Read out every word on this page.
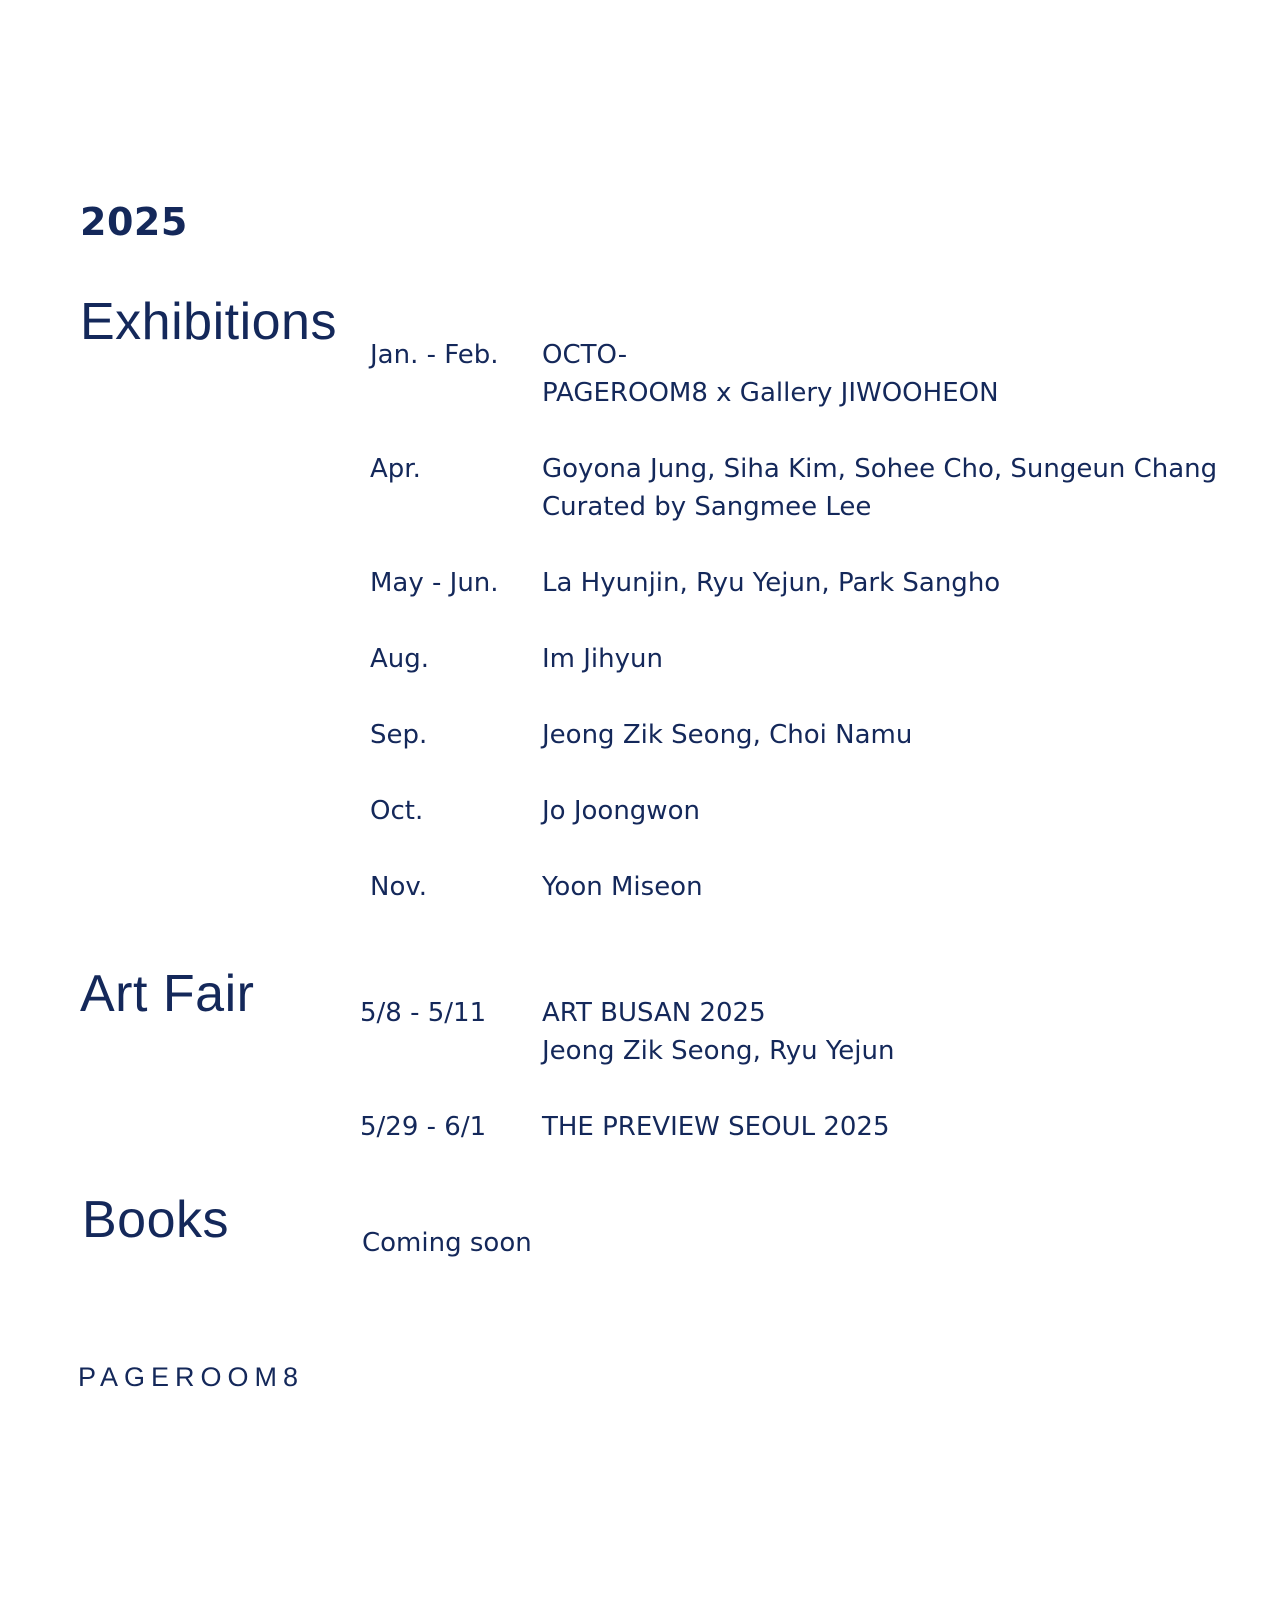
2025
Exhibitions
Jan. - Feb.	OCTO-
PAGEROOM8 x Gallery JIWOOHEON
Apr.	Goyona Jung, Siha Kim, Sohee Cho, Sungeun Chang
Curated by Sangmee Lee
May - Jun.	La Hyunjin, Ryu Yejun, Park Sangho
Aug.	Im Jihyun
Sep.	Jeong Zik Seong, Choi Namu
Oct.	Jo Joongwon
Nov.	Yoon Miseon
Art Fair	5/8 - 5/11	ART BUSAN 2025
Jeong Zik Seong, Ryu Yejun
5/29 - 6/1	THE PREVIEW SEOUL 2025
Books	Coming soon
PAGEROOM8
